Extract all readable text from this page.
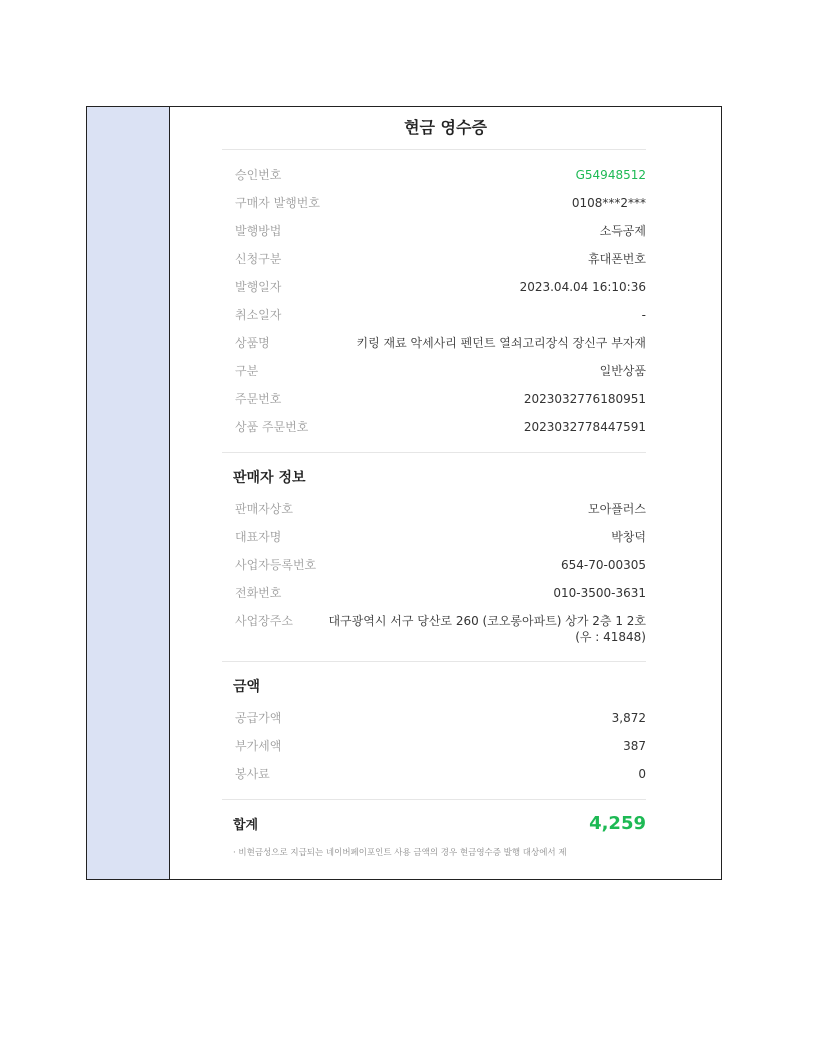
현금 영수증
승인번호	G54948512
구매자 발행번호	0108***2***
발행방법	소득공제
신청구분	휴대폰번호
발행일자	2023.04.04 16:10:36
취소일자	-
상품명	키링 재료 악세사리 펜던트 열쇠고리장식 장신구 부자재
구분	일반상품
주문번호	2023032776180951
상품 주문번호	2023032778447591
판매자 정보
판매자상호	모아플러스
대표자명	박창덕
사업자등록번호	654-70-00305
전화번호	010-3500-3631
사업장주소	대구광역시 서구 당산로 260 (코오롱아파트) 상가 2층 1 2호 (우 : 41848)
금액
공급가액	3,872
부가세액	387
봉사료	0
합계	4,259
· 비현금성으로 지급되는 네이버페이포인트 사용 금액의 경우 현금영수증 발행 대상에서 제
